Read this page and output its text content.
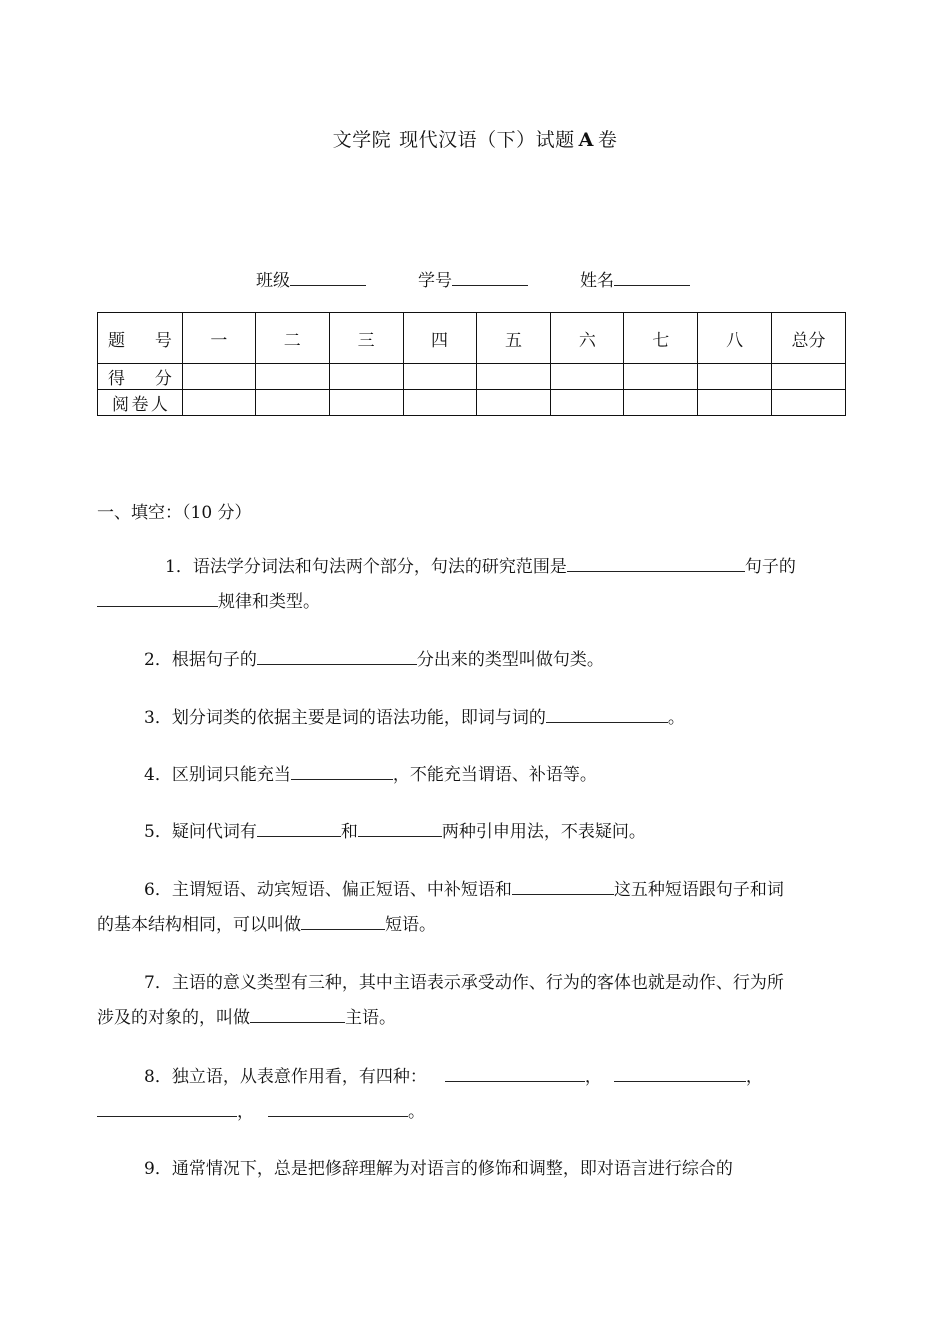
文学院 现代汉语（下）试题 A 卷
班级	学号	姓名
题　号	一	二	三	四	五	六	七	八	总分
得　分									
阅卷人									
一、填空：（10 分）
1．语法学分词法和句法两个部分，句法的研究范围是	句子的
规律和类型。
2．根据句子的	分出来的类型叫做句类。
3．划分词类的依据主要是词的语法功能，即词与词的	。
4．区别词只能充当	，不能充当谓语、补语等。
5．疑问代词有	和	两种引申用法，不表疑问。
6．主谓短语、动宾短语、偏正短语、中补短语和	这五种短语跟句子和词
的基本结构相同，可以叫做	短语。
7．主语的意义类型有三种，其中主语表示承受动作、行为的客体也就是动作、行为所
涉及的对象的，叫做	主语。
8．独立语，从表意作用看，有四种：	，	，
，	。
9．通常情况下，总是把修辞理解为对语言的修饰和调整，即对语言进行综合的
